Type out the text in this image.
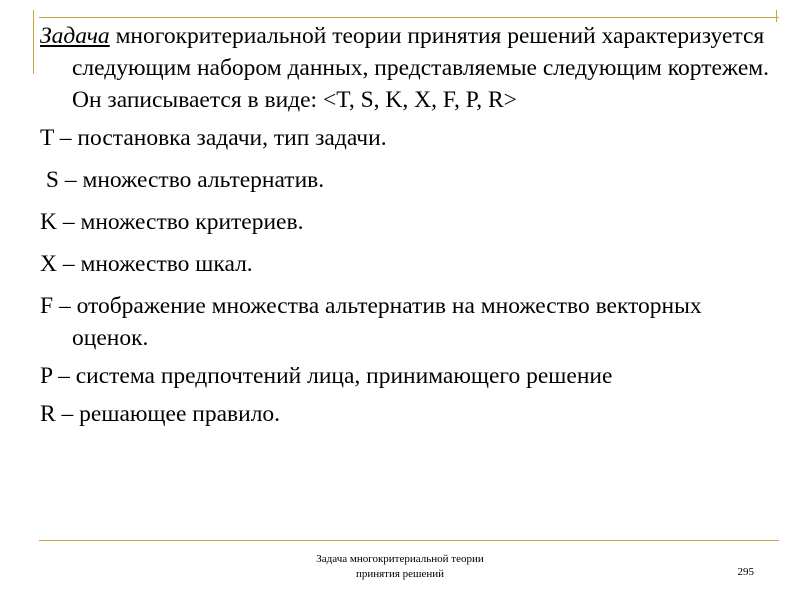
Задача многокритериальной теории принятия решений характеризуется следующим набором данных, представляемые следующим кортежем. Он записывается в виде: <T, S, K, X, F, P, R>

T – постановка задачи, тип задачи.

S – множество альтернатив.

K – множество критериев.

X – множество шкал.

F – отображение множества альтернатив на множество векторных оценок.

P – система предпочтений лица, принимающего решение

R – решающее правило.

Задача многокритериальной теории
принятия решений	295
